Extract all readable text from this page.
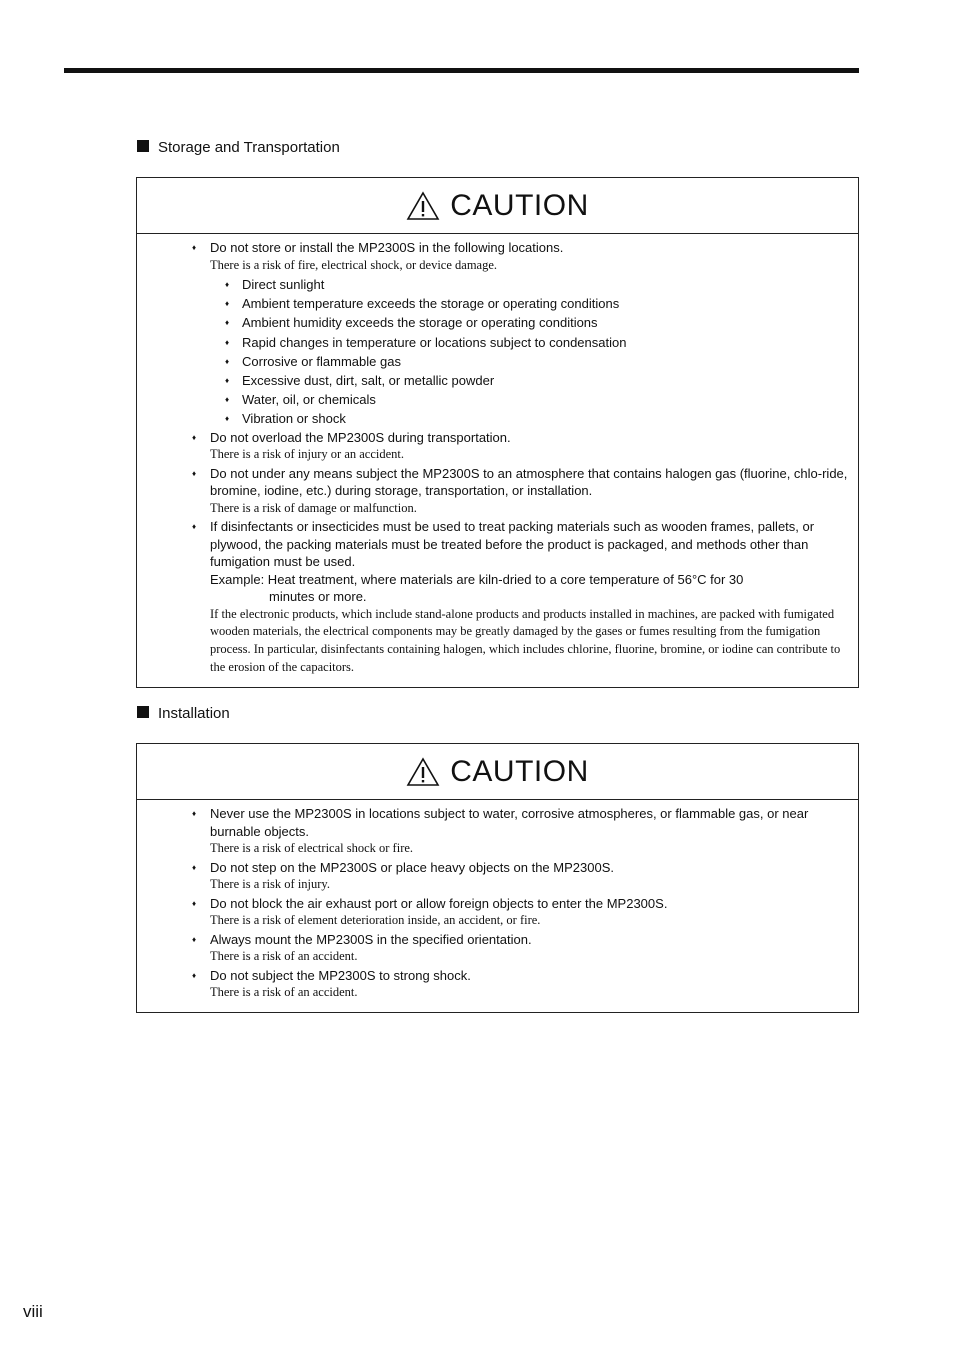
Storage and Transportation
CAUTION
♦ Do not store or install the MP2300S in the following locations.
There is a risk of fire, electrical shock, or device damage.
♦ Direct sunlight
♦ Ambient temperature exceeds the storage or operating conditions
♦ Ambient humidity exceeds the storage or operating conditions
♦ Rapid changes in temperature or locations subject to condensation
♦ Corrosive or flammable gas
♦ Excessive dust, dirt, salt, or metallic powder
♦ Water, oil, or chemicals
♦ Vibration or shock
♦ Do not overload the MP2300S during transportation.
There is a risk of injury or an accident.
♦ Do not under any means subject the MP2300S to an atmosphere that contains halogen gas (fluorine, chlo-ride, bromine, iodine, etc.) during storage, transportation, or installation.
There is a risk of damage or malfunction.
♦ If disinfectants or insecticides must be used to treat packing materials such as wooden frames, pallets, or plywood, the packing materials must be treated before the product is packaged, and methods other than fumigation must be used.
Example: Heat treatment, where materials are kiln-dried to a core temperature of 56°C for 30
minutes or more.
If the electronic products, which include stand-alone products and products installed in machines, are packed with fumigated wooden materials, the electrical components may be greatly damaged by the gases or fumes resulting from the fumigation process. In particular, disinfectants containing halogen, which includes chlorine, fluorine, bromine, or iodine can contribute to the erosion of the capacitors.
Installation
CAUTION
♦ Never use the MP2300S in locations subject to water, corrosive atmospheres, or flammable gas, or near burnable objects.
There is a risk of electrical shock or fire.
♦ Do not step on the MP2300S or place heavy objects on the MP2300S.
There is a risk of injury.
♦ Do not block the air exhaust port or allow foreign objects to enter the MP2300S.
There is a risk of element deterioration inside, an accident, or fire.
♦ Always mount the MP2300S in the specified orientation.
There is a risk of an accident.
♦ Do not subject the MP2300S to strong shock.
There is a risk of an accident.
viii
